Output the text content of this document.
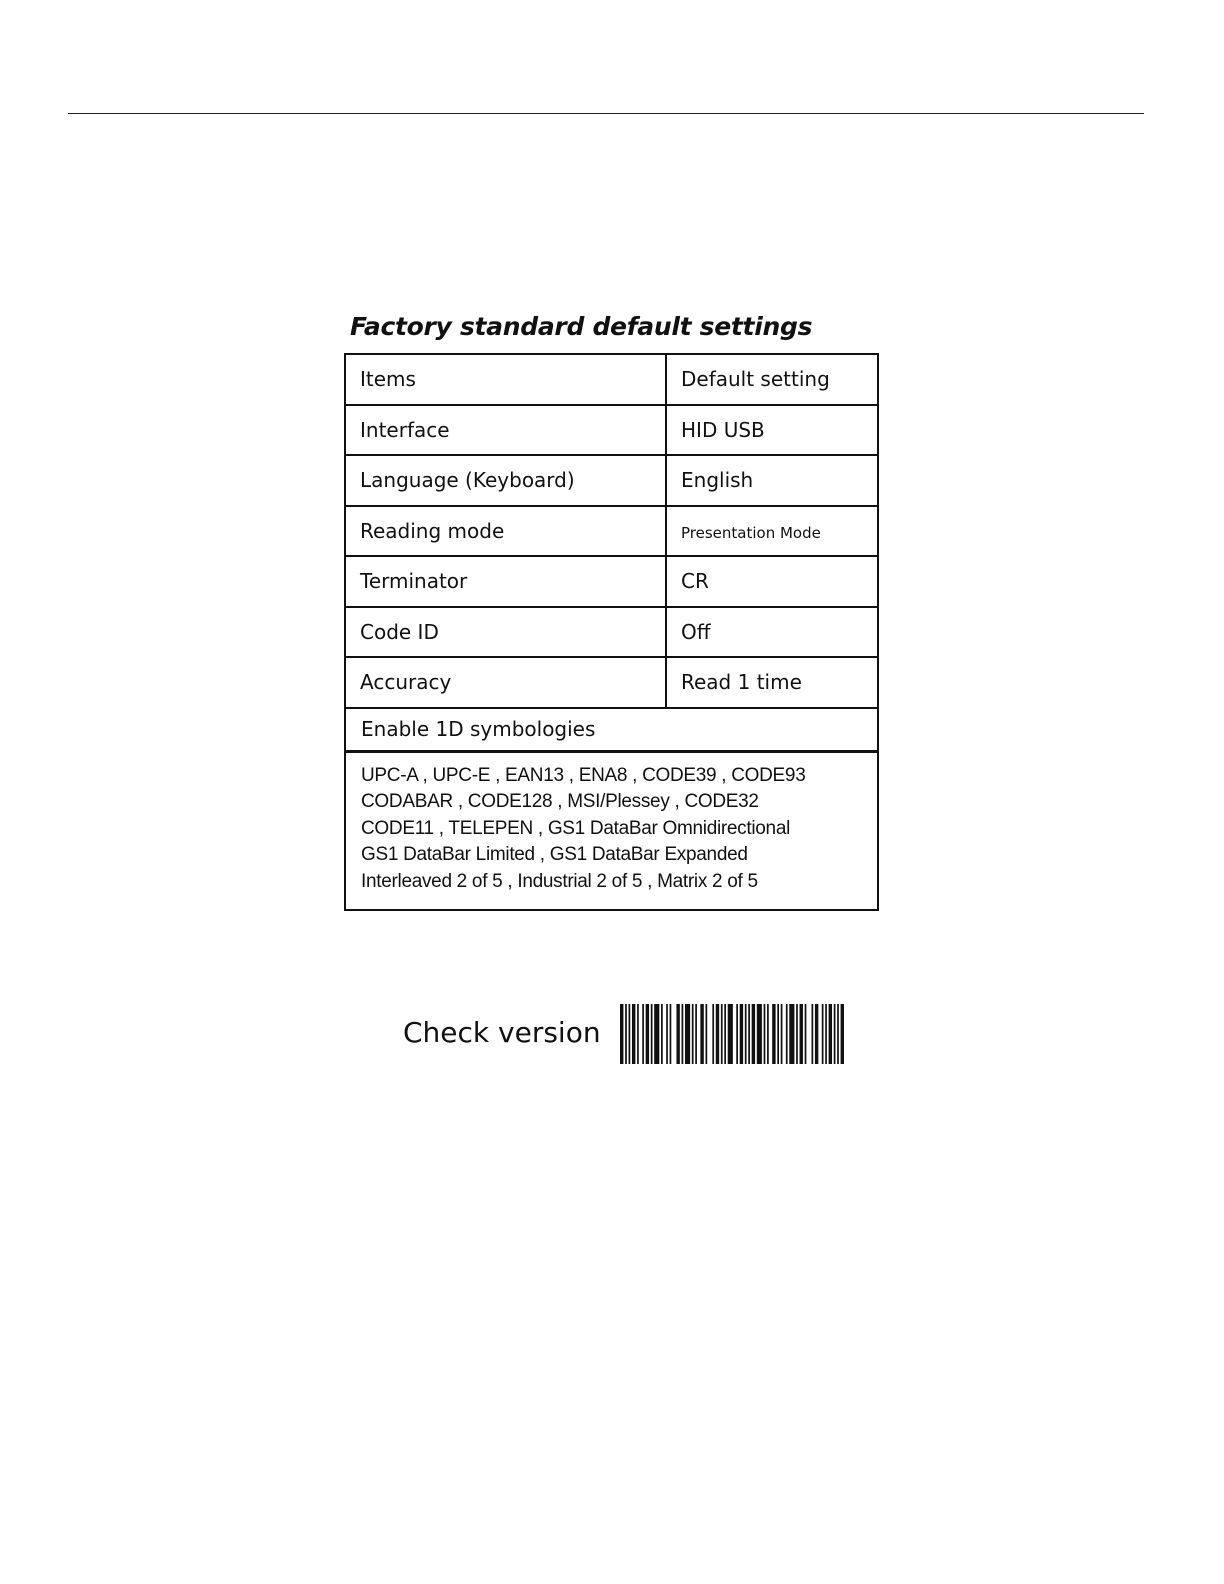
Factory standard default settings
Items	Default setting
Interface	HID USB
Language (Keyboard)	English
Reading mode	Presentation Mode
Terminator	CR
Code ID	Off
Accuracy	Read 1 time
Enable 1D symbologies
UPC-A , UPC-E , EAN13 , ENA8 , CODE39 , CODE93
CODABAR , CODE128 , MSI/Plessey , CODE32
CODE11 , TELEPEN , GS1 DataBar Omnidirectional
GS1 DataBar Limited , GS1 DataBar Expanded
Interleaved 2 of 5 , Industrial 2 of 5 , Matrix 2 of 5
Check version
